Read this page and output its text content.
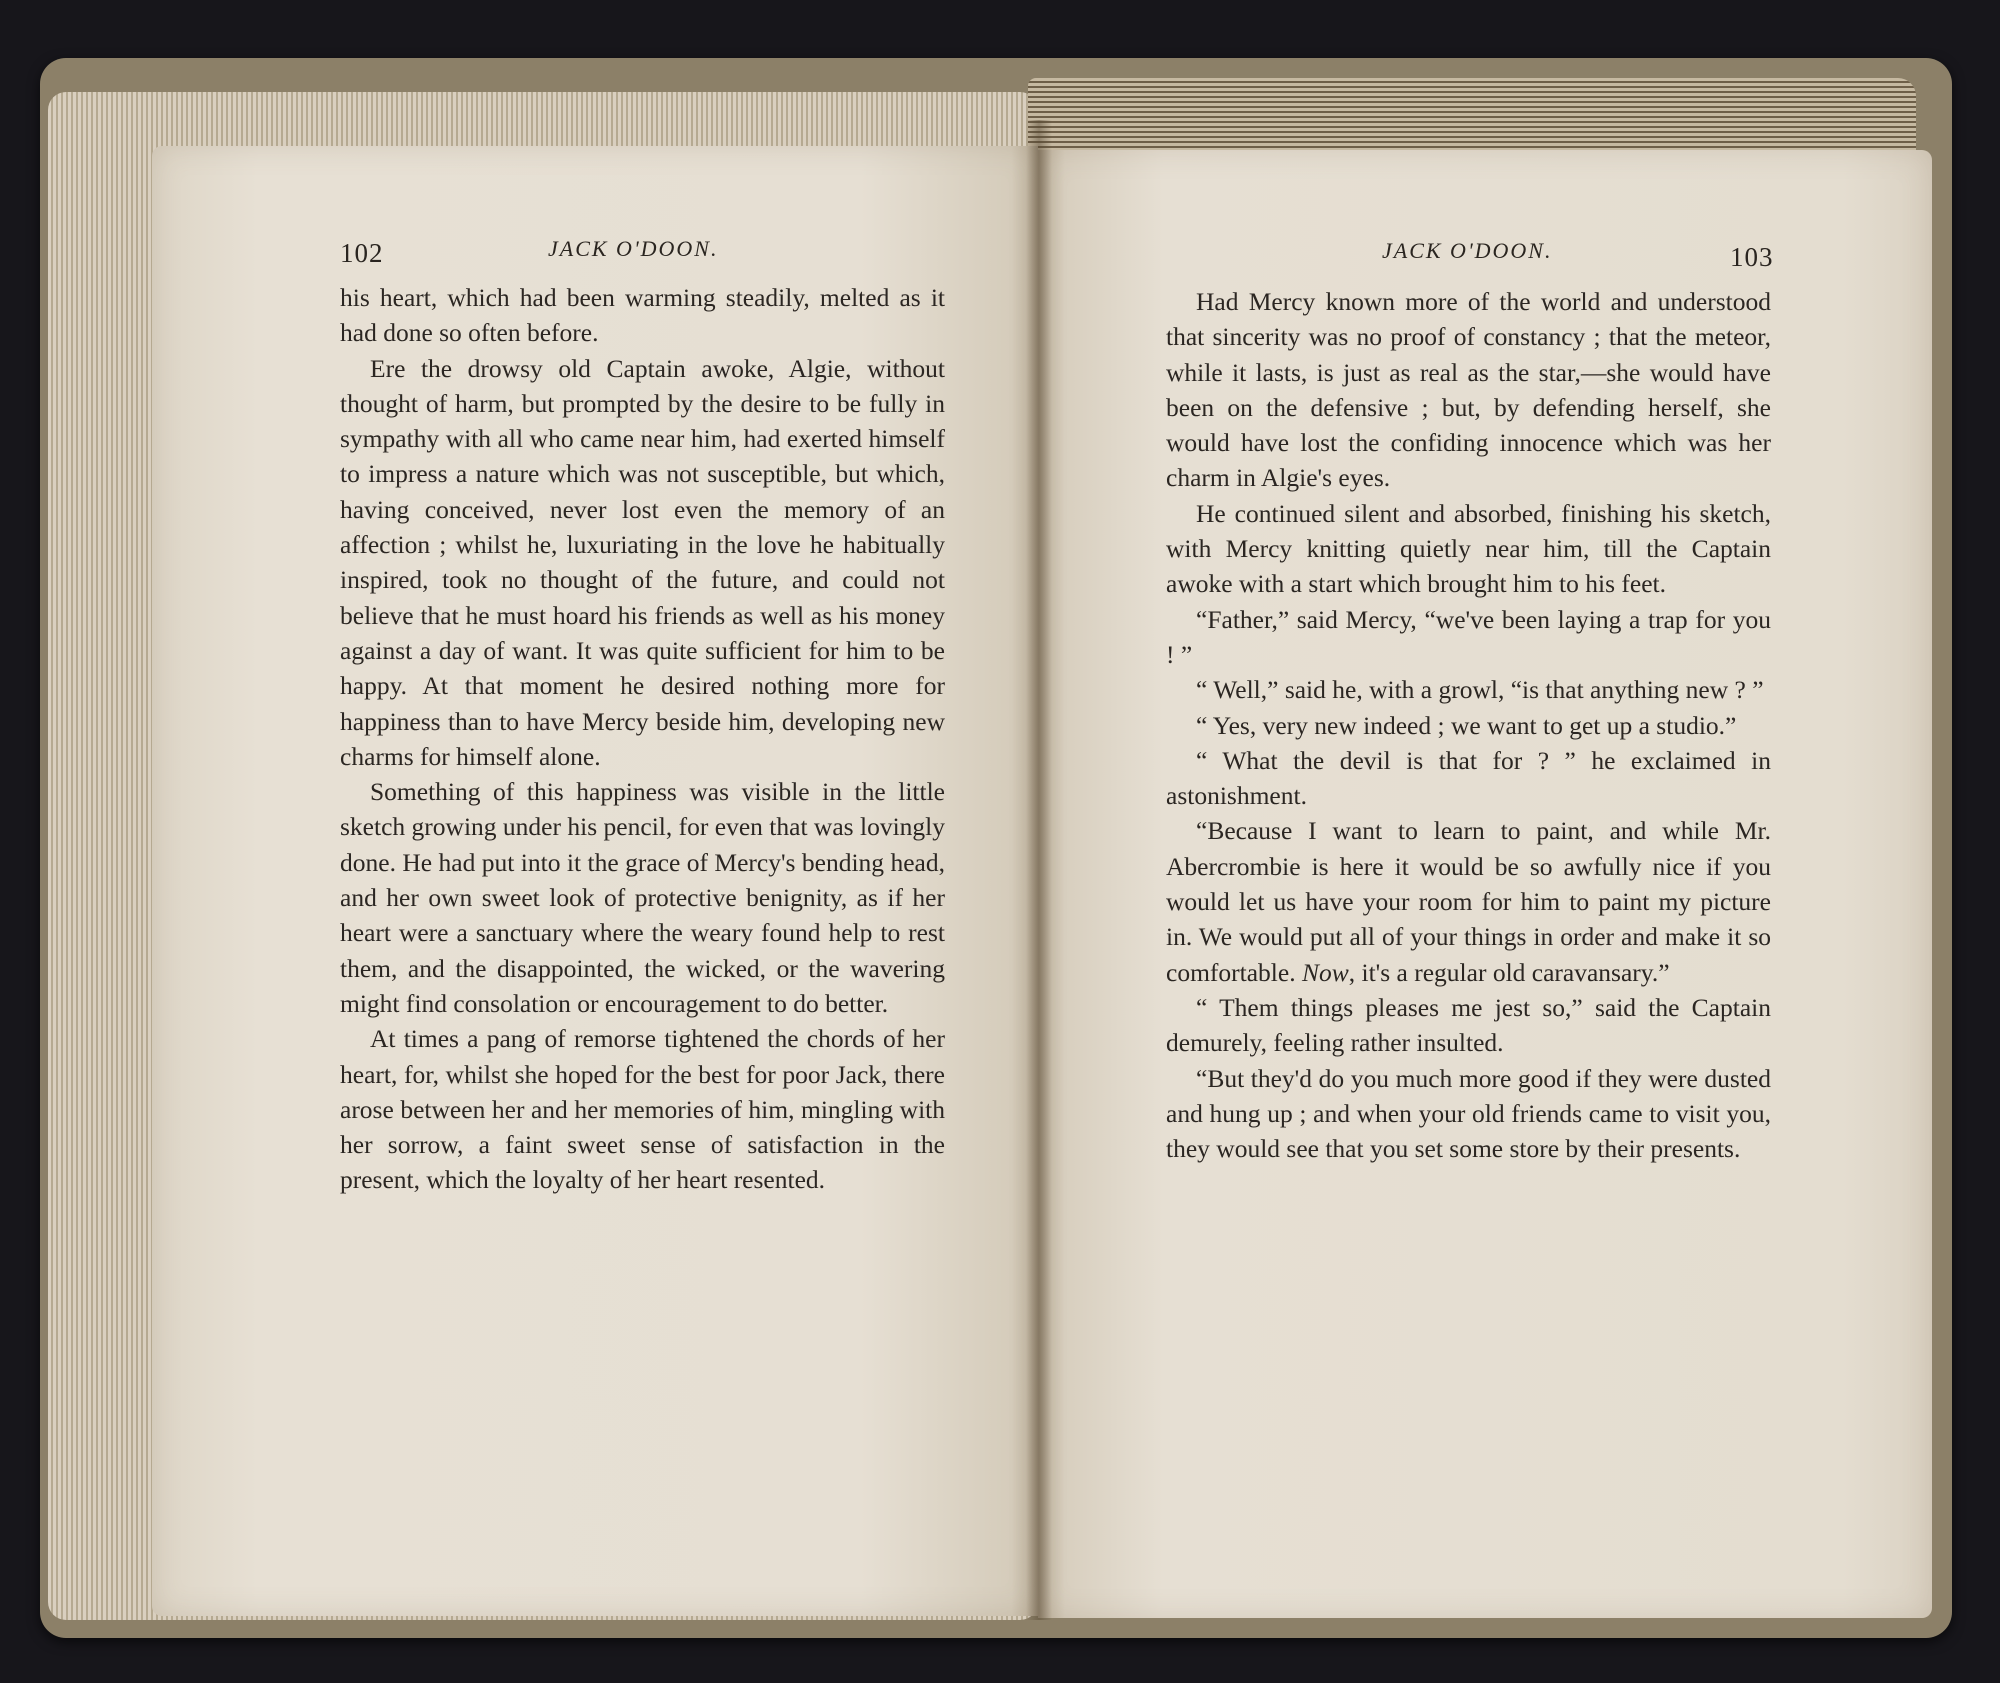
102	JACK O'DOON.

his heart, which had been warming steadily, melted as it had done so often before.

Ere the drowsy old Captain awoke, Algie, without thought of harm, but prompted by the desire to be fully in sympathy with all who came near him, had exerted himself to impress a nature which was not susceptible, but which, having conceived, never lost even the memory of an affection ; whilst he, luxuriating in the love he habitually inspired, took no thought of the future, and could not believe that he must hoard his friends as well as his money against a day of want. It was quite sufficient for him to be happy. At that moment he desired nothing more for happiness than to have Mercy beside him, developing new charms for himself alone.

Something of this happiness was visible in the little sketch growing under his pencil, for even that was lovingly done. He had put into it the grace of Mercy's bending head, and her own sweet look of protective benignity, as if her heart were a sanctuary where the weary found help to rest them, and the disappointed, the wicked, or the wavering might find consolation or encouragement to do better.

At times a pang of remorse tightened the chords of her heart, for, whilst she hoped for the best for poor Jack, there arose between her and her memories of him, mingling with her sorrow, a faint sweet sense of satisfaction in the present, which the loyalty of her heart resented.

JACK O'DOON.	103

Had Mercy known more of the world and understood that sincerity was no proof of constancy ; that the meteor, while it lasts, is just as real as the star,—she would have been on the defensive ; but, by defending herself, she would have lost the confiding innocence which was her charm in Algie's eyes.

He continued silent and absorbed, finishing his sketch, with Mercy knitting quietly near him, till the Captain awoke with a start which brought him to his feet.

“Father,” said Mercy, “we've been laying a trap for you ! ”

“ Well,” said he, with a growl, “is that anything new ? ”

“ Yes, very new indeed ; we want to get up a studio.”

“ What the devil is that for ? ” he exclaimed in astonishment.

“Because I want to learn to paint, and while Mr. Abercrombie is here it would be so awfully nice if you would let us have your room for him to paint my picture in. We would put all of your things in order and make it so comfortable. Now, it's a regular old caravansary.”

“ Them things pleases me jest so,” said the Captain demurely, feeling rather insulted.

“But they'd do you much more good if they were dusted and hung up ; and when your old friends came to visit you, they would see that you set some store by their presents.
